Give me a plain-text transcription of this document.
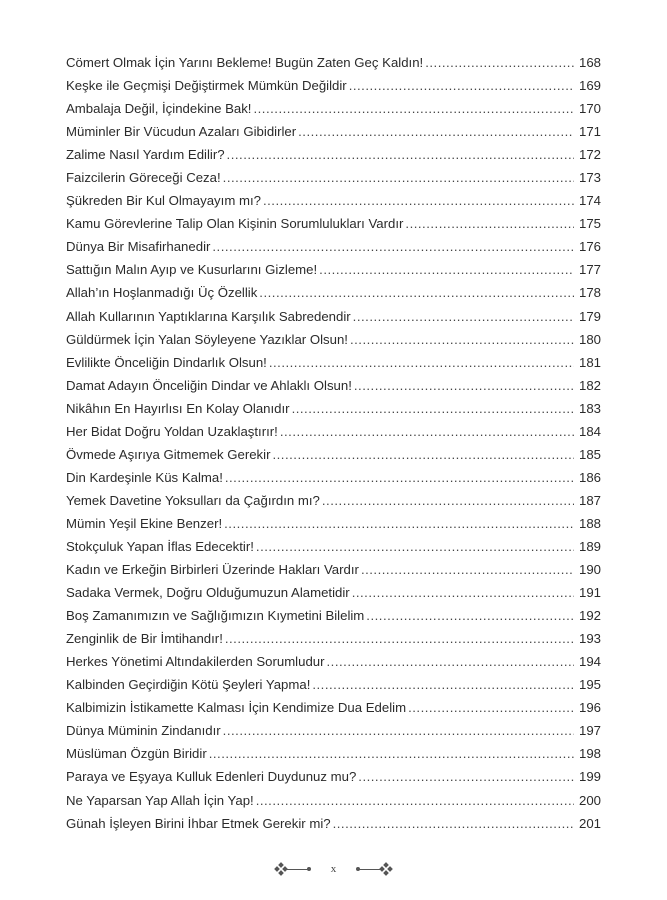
Cömert Olmak İçin Yarını Bekleme! Bugün Zaten Geç Kaldın! .....	168
Keşke ile Geçmişi Değiştirmek Mümkün Değildir .....	169
Ambalaja Değil, İçindekine Bak! .....	170
Müminler Bir Vücudun Azaları Gibidirler .....	171
Zalime Nasıl Yardım Edilir? .....	172
Faizcilerin Göreceği Ceza! .....	173
Şükreden Bir Kul Olmayayım mı? .....	174
Kamu Görevlerine Talip Olan Kişinin Sorumlulukları Vardır .....	175
Dünya Bir Misafirhanedir .....	176
Sattığın Malın Ayıp ve Kusurlarını Gizleme! .....	177
Allah’ın Hoşlanmadığı Üç Özellik .....	178
Allah Kullarının Yaptıklarına Karşılık Sabredendir .....	179
Güldürmek İçin Yalan Söyleyene Yazıklar Olsun! .....	180
Evlilikte Önceliğin Dindarlık Olsun! .....	181
Damat Adayın Önceliğin Dindar ve Ahlaklı Olsun! .....	182
Nikâhın En Hayırlısı En Kolay Olanıdır .....	183
Her Bidat Doğru Yoldan Uzaklaştırır! .....	184
Övmede Aşırıya Gitmemek Gerekir .....	185
Din Kardeşinle Küs Kalma! .....	186
Yemek Davetine Yoksulları da Çağırdın mı? .....	187
Mümin Yeşil Ekine Benzer! .....	188
Stokçuluk Yapan İflas Edecektir! .....	189
Kadın ve Erkeğin Birbirleri Üzerinde Hakları Vardır .....	190
Sadaka Vermek, Doğru Olduğumuzun Alametidir .....	191
Boş Zamanımızın ve Sağlığımızın Kıymetini Bilelim .....	192
Zenginlik de Bir İmtihandır! .....	193
Herkes Yönetimi Altındakilerden Sorumludur .....	194
Kalbinden Geçirdiğin Kötü Şeyleri Yapma! .....	195
Kalbimizin İstikamette Kalması İçin Kendimize Dua Edelim .....	196
Dünya Müminin Zindanıdır .....	197
Müslüman Özgün Biridir .....	198
Paraya ve Eşyaya Kulluk Edenleri Duydunuz mu? .....	199
Ne Yaparsan Yap Allah İçin Yap! .....	200
Günah İşleyen Birini İhbar Etmek Gerekir mi? .....	201
x
